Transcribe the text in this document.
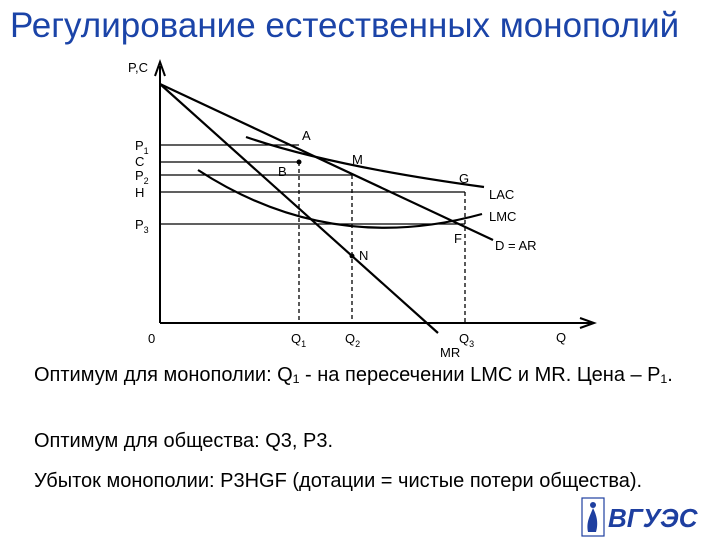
Регулирование естественных монополий
P,C
$P_1$
C
$P_2$
H
$P_3$
0	$Q_1$	$Q_2$	$Q_3$	Q
A
B
M
G
F
N
LAC
LMC
D = AR
MR

Оптимум для монополии: Q₁ - на пересечении LMC и MR. Цена – P₁.

Оптимум для общества: Q3, P3.

Убыток монополии: P3HGF (дотации = чистые потери общества).

ВГУЭС
